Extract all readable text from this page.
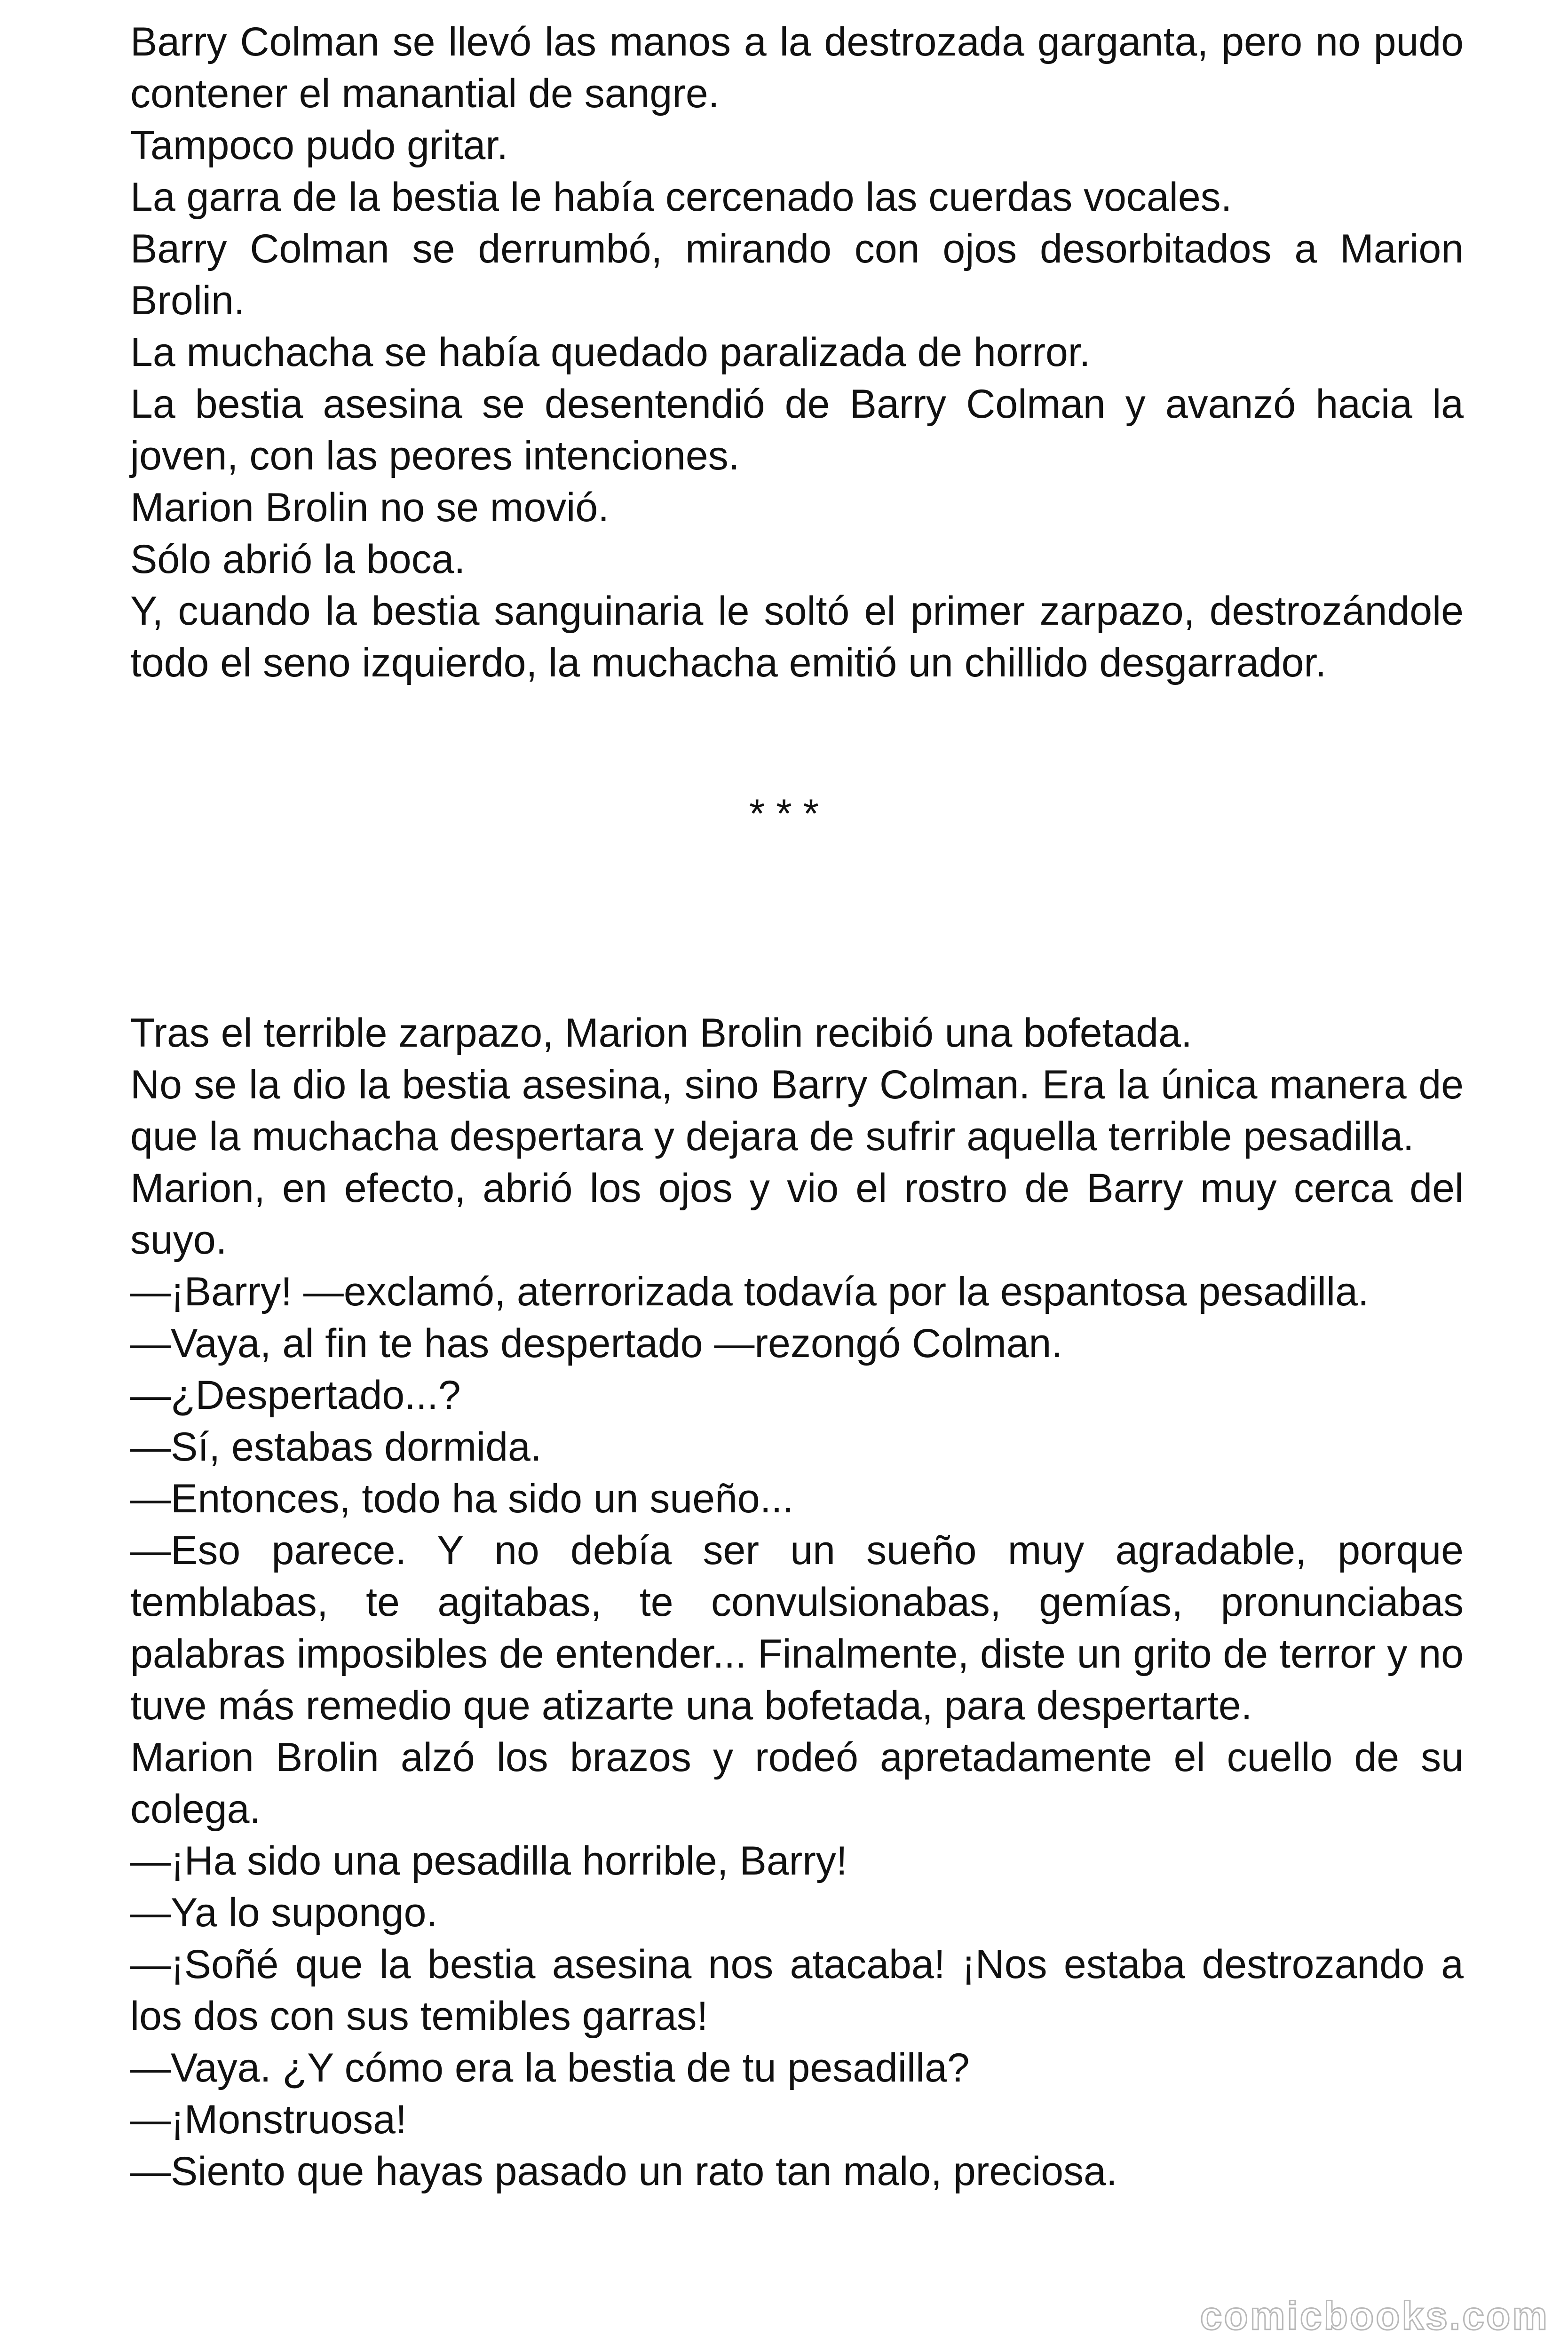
Barry Colman se llevó las manos a la destrozada garganta, pero no pudo contener el manantial de sangre.

Tampoco pudo gritar.

La garra de la bestia le había cercenado las cuerdas vocales.

Barry Colman se derrumbó, mirando con ojos desorbitados a Marion Brolin.

La muchacha se había quedado paralizada de horror.

La bestia asesina se desentendió de Barry Colman y avanzó hacia la joven, con las peores intenciones.

Marion Brolin no se movió.

Sólo abrió la boca.

Y, cuando la bestia sanguinaria le soltó el primer zarpazo, destrozándole todo el seno izquierdo, la muchacha emitió un chillido desgarrador.

* * *

Tras el terrible zarpazo, Marion Brolin recibió una bofetada.

No se la dio la bestia asesina, sino Barry Colman. Era la única manera de que la muchacha despertara y dejara de sufrir aquella terrible pesadilla.

Marion, en efecto, abrió los ojos y vio el rostro de Barry muy cerca del suyo.

—¡Barry! —exclamó, aterrorizada todavía por la espantosa pesadilla.

—Vaya, al fin te has despertado —rezongó Colman.

—¿Despertado...?

—Sí, estabas dormida.

—Entonces, todo ha sido un sueño...

—Eso parece. Y no debía ser un sueño muy agradable, porque temblabas, te agitabas, te convulsionabas, gemías, pronunciabas palabras imposibles de entender... Finalmente, diste un grito de terror y no tuve más remedio que atizarte una bofetada, para despertarte.

Marion Brolin alzó los brazos y rodeó apretadamente el cuello de su colega.

—¡Ha sido una pesadilla horrible, Barry!

—Ya lo supongo.

—¡Soñé que la bestia asesina nos atacaba! ¡Nos estaba destrozando a los dos con sus temibles garras!

—Vaya. ¿Y cómo era la bestia de tu pesadilla?

—¡Monstruosa!

—Siento que hayas pasado un rato tan malo, preciosa.

comicbooks.com
